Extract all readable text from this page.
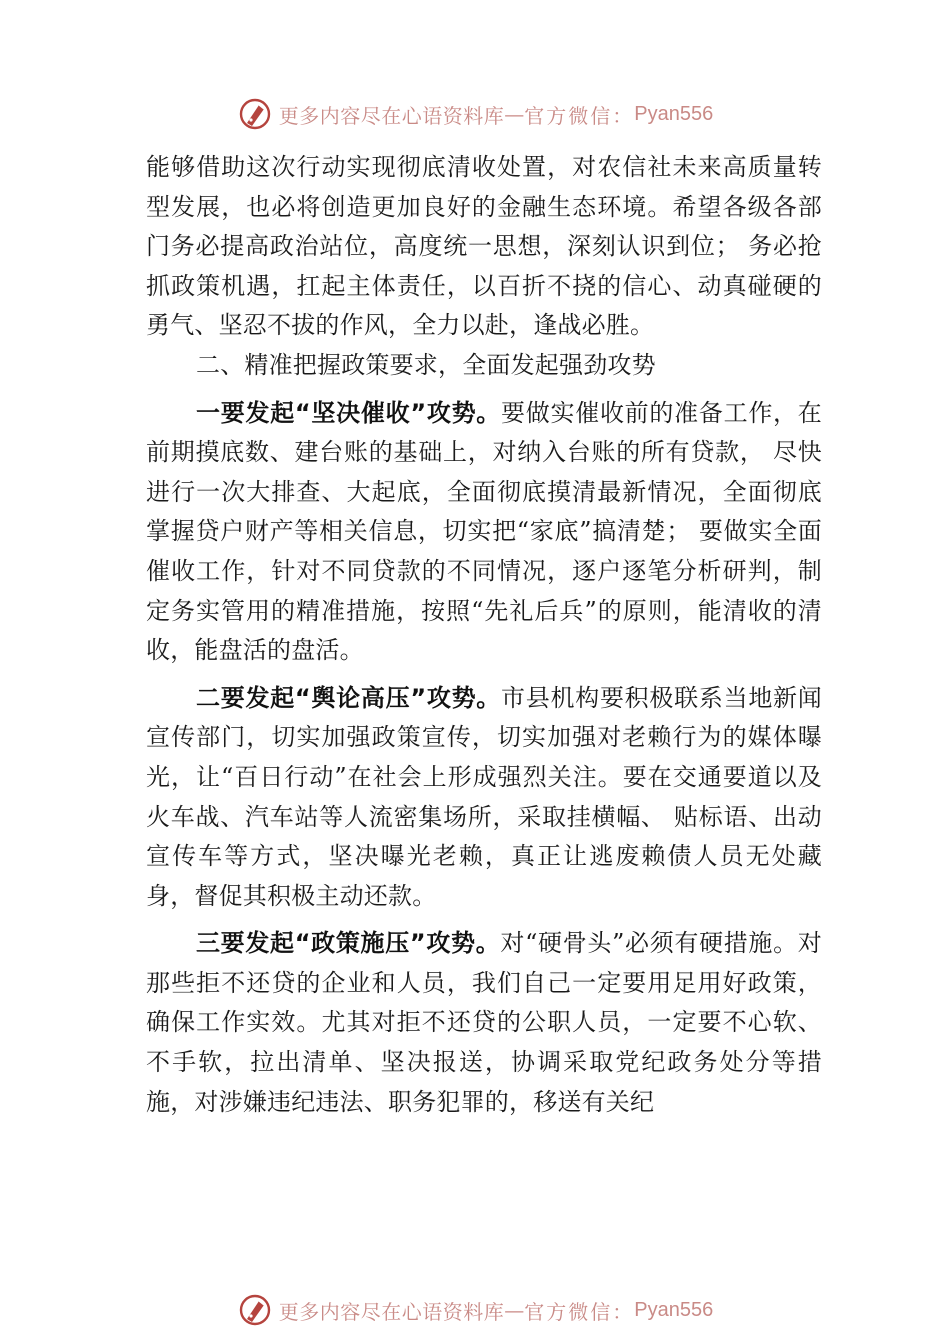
更多内容尽在心语资料库 — 官方微信： Pyan556

能够借助这次行动实现彻底清收处置，对农信社未来高质量转型发展，也必将创造更加良好的金融生态环境。希望各级各部门务必提高政治站位，高度统一思想，深刻认识到位； 务必抢抓政策机遇，扛起主体责任，以百折不挠的信心、动真碰硬的勇气、坚忍不拔的作风，全力以赴，逢战必胜。

二、精准把握政策要求，全面发起强劲攻势

一要发起“坚决催收”攻势。要做实催收前的准备工作，在前期摸底数、建台账的基础上，对纳入台账的所有贷款， 尽快进行一次大排查、大起底，全面彻底摸清最新情况，全面彻底掌握贷户财产等相关信息，切实把“家底”搞清楚； 要做实全面催收工作，针对不同贷款的不同情况，逐户逐笔分析研判，制定务实管用的精准措施，按照“先礼后兵”的原则，能清收的清收，能盘活的盘活。

二要发起“舆论高压”攻势。市县机构要积极联系当地新闻宣传部门，切实加强政策宣传，切实加强对老赖行为的媒体曝光，让“百日行动”在社会上形成强烈关注。要在交通要道以及火车战、汽车站等人流密集场所，采取挂横幅、 贴标语、出动宣传车等方式，坚决曝光老赖，真正让逃废赖债人员无处藏身，督促其积极主动还款。

三要发起“政策施压”攻势。对“硬骨头”必须有硬措施。对那些拒不还贷的企业和人员，我们自己一定要用足用好政策，确保工作实效。尤其对拒不还贷的公职人员，一定要不心软、不手软，拉出清单、坚决报送，协调采取党纪政务处分等措施，对涉嫌违纪违法、职务犯罪的，移送有关纪

更多内容尽在心语资料库 — 官方微信： Pyan556
